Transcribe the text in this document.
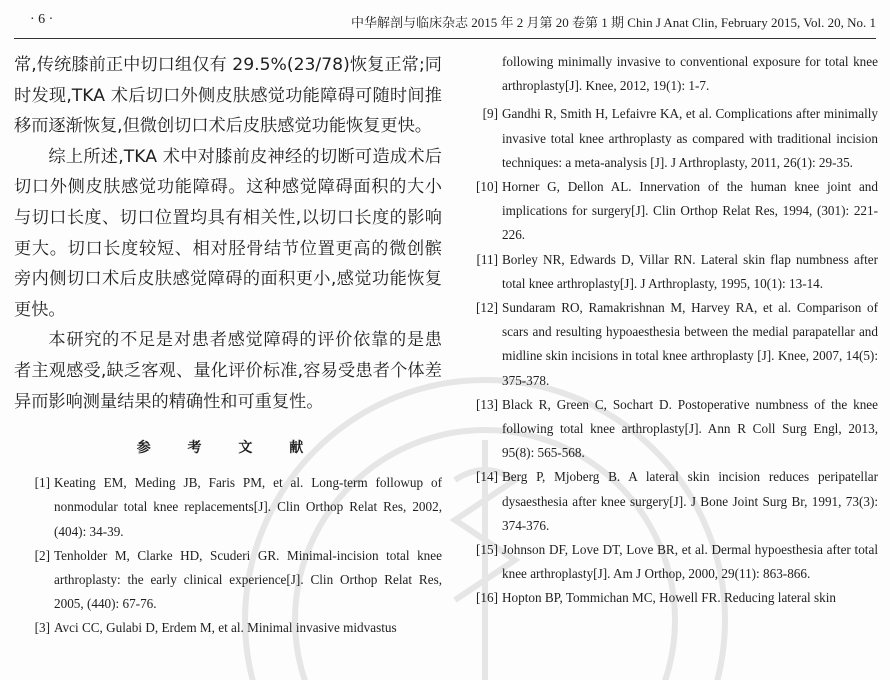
· 6 ·	中华解剖与临床杂志 2015 年 2 月第 20 卷第 1 期 Chin J Anat Clin, February 2015, Vol. 20, No. 1

常,传统膝前正中切口组仅有 29.5%(23/78)恢复正常;同时发现,TKA 术后切口外侧皮肤感觉功能障碍可随时间推移而逐渐恢复,但微创切口术后皮肤感觉功能恢复更快。

综上所述,TKA 术中对膝前皮神经的切断可造成术后切口外侧皮肤感觉功能障碍。这种感觉障碍面积的大小与切口长度、切口位置均具有相关性,以切口长度的影响更大。切口长度较短、相对胫骨结节位置更高的微创髌旁内侧切口术后皮肤感觉障碍的面积更小,感觉功能恢复更快。

本研究的不足是对患者感觉障碍的评价依靠的是患者主观感受,缺乏客观、量化评价标准,容易受患者个体差异而影响测量结果的精确性和可重复性。

参 考 文 献
[1] Keating EM, Meding JB, Faris PM, et al. Long-term followup of nonmodular total knee replacements[J]. Clin Orthop Relat Res, 2002, (404): 34-39.
[2] Tenholder M, Clarke HD, Scuderi GR. Minimal-incision total knee arthroplasty: the early clinical experience[J]. Clin Orthop Relat Res, 2005, (440): 67-76.
[3] Avci CC, Gulabi D, Erdem M, et al. Minimal invasive midvastus
following minimally invasive to conventional exposure for total knee arthroplasty[J]. Knee, 2012, 19(1): 1-7.
[9] Gandhi R, Smith H, Lefaivre KA, et al. Complications after minimally invasive total knee arthroplasty as compared with traditional incision techniques: a meta-analysis [J]. J Arthroplasty, 2011, 26(1): 29-35.
[10] Horner G, Dellon AL. Innervation of the human knee joint and implications for surgery[J]. Clin Orthop Relat Res, 1994, (301): 221-226.
[11] Borley NR, Edwards D, Villar RN. Lateral skin flap numbness after total knee arthroplasty[J]. J Arthroplasty, 1995, 10(1): 13-14.
[12] Sundaram RO, Ramakrishnan M, Harvey RA, et al. Comparison of scars and resulting hypoaesthesia between the medial parapatellar and midline skin incisions in total knee arthroplasty [J]. Knee, 2007, 14(5): 375-378.
[13] Black R, Green C, Sochart D. Postoperative numbness of the knee following total knee arthroplasty[J]. Ann R Coll Surg Engl, 2013, 95(8): 565-568.
[14] Berg P, Mjoberg B. A lateral skin incision reduces peripatellar dysaesthesia after knee surgery[J]. J Bone Joint Surg Br, 1991, 73(3): 374-376.
[15] Johnson DF, Love DT, Love BR, et al. Dermal hypoesthesia after total knee arthroplasty[J]. Am J Orthop, 2000, 29(11): 863-866.
[16] Hopton BP, Tommichan MC, Howell FR. Reducing lateral skin
